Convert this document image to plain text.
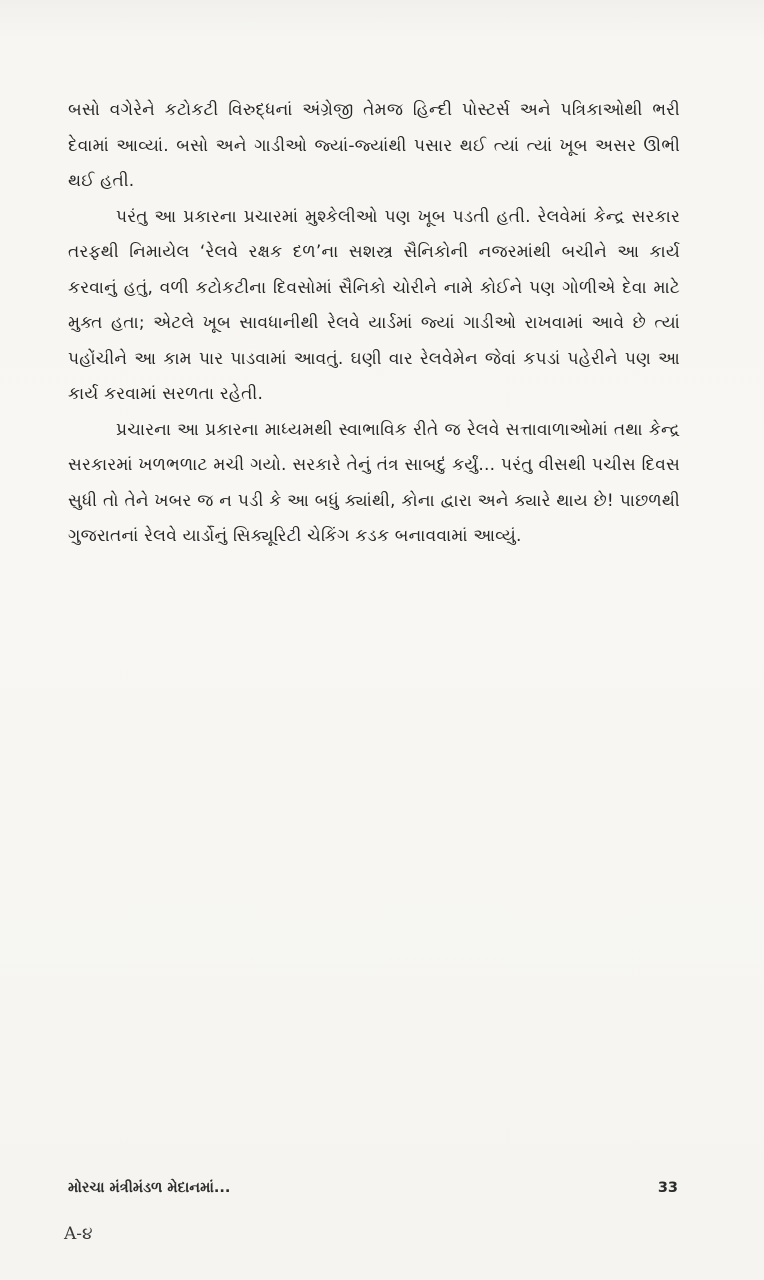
બસો વગેરેને કટોકટી વિરુદ્ધનાં અંગ્રેજી તેમજ હિન્દી પોસ્ટર્સ અને પત્રિકાઓથી ભરી દેવામાં આવ્યાં. બસો અને ગાડીઓ જ્યાં-જ્યાંથી પસાર થઈ ત્યાં ત્યાં ખૂબ અસર ઊભી થઈ હતી.

પરંતુ આ પ્રકારના પ્રચારમાં મુશ્કેલીઓ પણ ખૂબ પડતી હતી. રેલવેમાં કેન્દ્ર સરકાર તરફથી નિમાયેલ ‘રેલવે રક્ષક દળ’ના સશસ્ત્ર સૈનિકોની નજરમાંથી બચીને આ કાર્ય કરવાનું હતું, વળી કટોકટીના દિવસોમાં સૈનિકો ચોરીને નામે કોઈને પણ ગોળીએ દેવા માટે મુક્ત હતા; એટલે ખૂબ સાવધાનીથી રેલવે યાર્ડમાં જ્યાં ગાડીઓ રાખવામાં આવે છે ત્યાં પહોંચીને આ કામ પાર પાડવામાં આવતું. ઘણી વાર રેલવેમેન જેવાં કપડાં પહેરીને પણ આ કાર્ય કરવામાં સરળતા રહેતી.

પ્રચારના આ પ્રકારના માધ્યમથી સ્વાભાવિક રીતે જ રેલવે સત્તાવાળાઓમાં તથા કેન્દ્ર સરકારમાં ખળભળાટ મચી ગયો. સરકારે તેનું તંત્ર સાબદું કર્યું... પરંતુ વીસથી પચીસ દિવસ સુધી તો તેને ખબર જ ન પડી કે આ બધું ક્યાંથી, કોના દ્વારા અને ક્યારે થાય છે! પાછળથી ગુજરાતનાં રેલવે યાર્ડોનું સિક્યૂરિટી ચેકિંગ કડક બનાવવામાં આવ્યું.

મોરચા મંત્રીમંડળ મેદાનમાં...	33
A-૪
